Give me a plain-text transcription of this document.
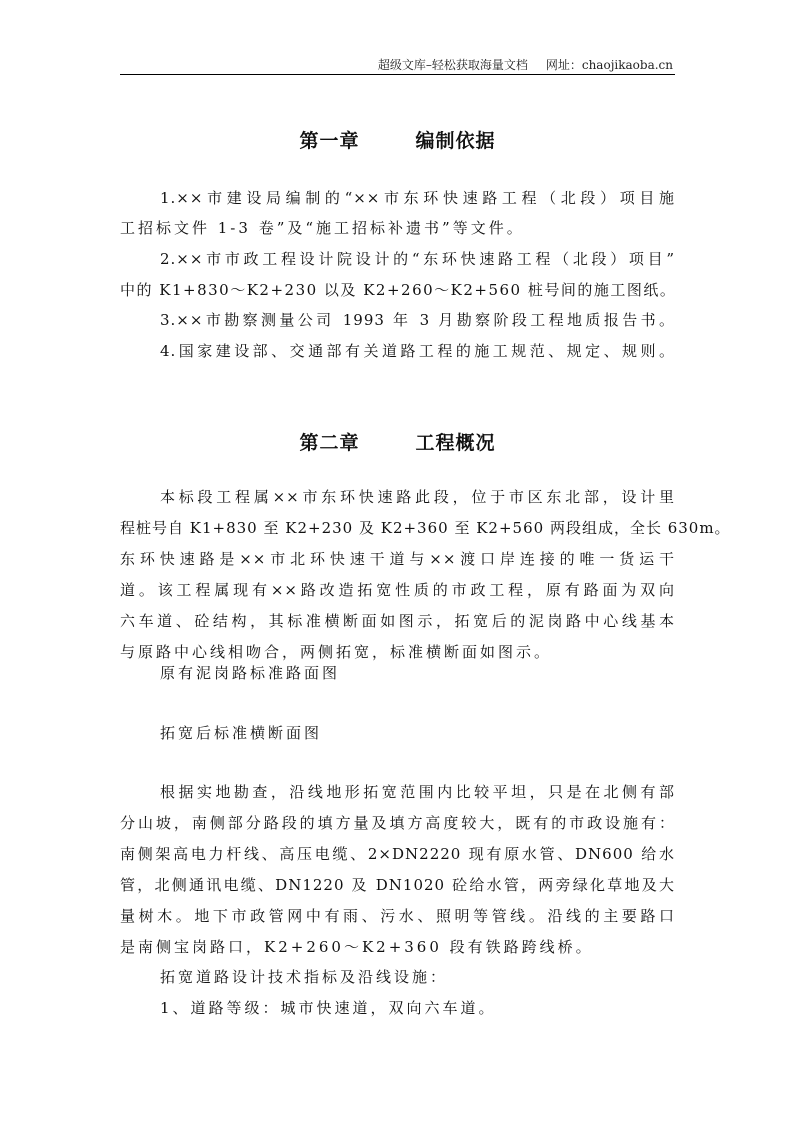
超级文库–轻松获取海量文档 网址：chaojikaoba.cn
第一章	编制依据
1.××市建设局编制的“××市东环快速路工程（北段）项目施
工招标文件 1-3 卷”及“施工招标补遗书”等文件。
2.××市市政工程设计院设计的“东环快速路工程（北段）项目”
中的 K1+830～K2+230 以及 K2+260～K2+560 桩号间的施工图纸。
3.××市勘察测量公司 1993 年 3 月勘察阶段工程地质报告书。
4.国家建设部、交通部有关道路工程的施工规范、规定、规则。
第二章	工程概况
本标段工程属××市东环快速路此段，位于市区东北部，设计里
程桩号自 K1+830 至 K2+230 及 K2+360 至 K2+560 两段组成，全长 630m。
东环快速路是××市北环快速干道与××渡口岸连接的唯一货运干
道。该工程属现有××路改造拓宽性质的市政工程，原有路面为双向
六车道、砼结构，其标准横断面如图示，拓宽后的泥岗路中心线基本
与原路中心线相吻合，两侧拓宽，标准横断面如图示。
原有泥岗路标准路面图
拓宽后标准横断面图
根据实地勘查，沿线地形拓宽范围内比较平坦，只是在北侧有部
分山坡，南侧部分路段的填方量及填方高度较大，既有的市政设施有：
南侧架高电力杆线、高压电缆、2×DN2220 现有原水管、DN600 给水
管，北侧通讯电缆、DN1220 及 DN1020 砼给水管，两旁绿化草地及大
量树木。地下市政管网中有雨、污水、照明等管线。沿线的主要路口
是南侧宝岗路口，K2+260～K2+360 段有铁路跨线桥。
拓宽道路设计技术指标及沿线设施：
1、道路等级：城市快速道，双向六车道。
